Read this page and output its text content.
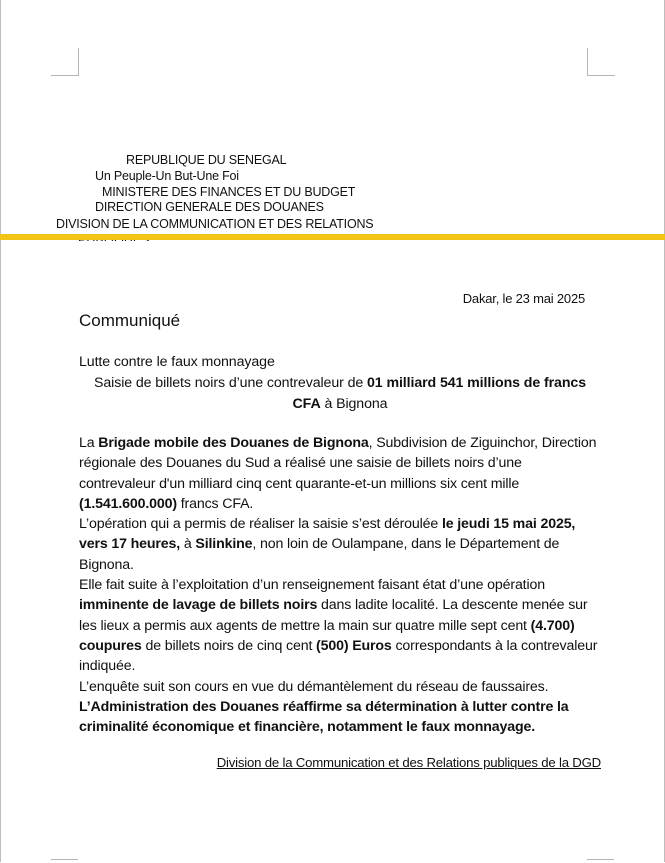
REPUBLIQUE DU SENEGAL
Un Peuple-Un But-Une Foi
MINISTERE DES FINANCES ET DU BUDGET
DIRECTION GENERALE DES DOUANES
DIVISION DE LA COMMUNICATION ET DES RELATIONS
Dakar, le 23 mai 2025
Communiqué
Lutte contre le faux monnayage
Saisie de billets noirs d’une contrevaleur de 01 milliard 541 millions de francs CFA à Bignona

La Brigade mobile des Douanes de Bignona, Subdivision de Ziguinchor, Direction régionale des Douanes du Sud a réalisé une saisie de billets noirs d’une contrevaleur d'un milliard cinq cent quarante-et-un millions six cent mille (1.541.600.000) francs CFA.

L’opération qui a permis de réaliser la saisie s’est déroulée le jeudi 15 mai 2025, vers 17 heures, à Silinkine, non loin de Oulampane, dans le Département de Bignona.

Elle fait suite à l’exploitation d’un renseignement faisant état d’une opération imminente de lavage de billets noirs dans ladite localité. La descente menée sur les lieux a permis aux agents de mettre la main sur quatre mille sept cent (4.700) coupures de billets noirs de cinq cent (500) Euros correspondants à la contrevaleur indiquée.

L’enquête suit son cours en vue du démantèlement du réseau de faussaires.

L’Administration des Douanes réaffirme sa détermination à lutter contre la criminalité économique et financière, notamment le faux monnayage.

Division de la Communication et des Relations publiques de la DGD
